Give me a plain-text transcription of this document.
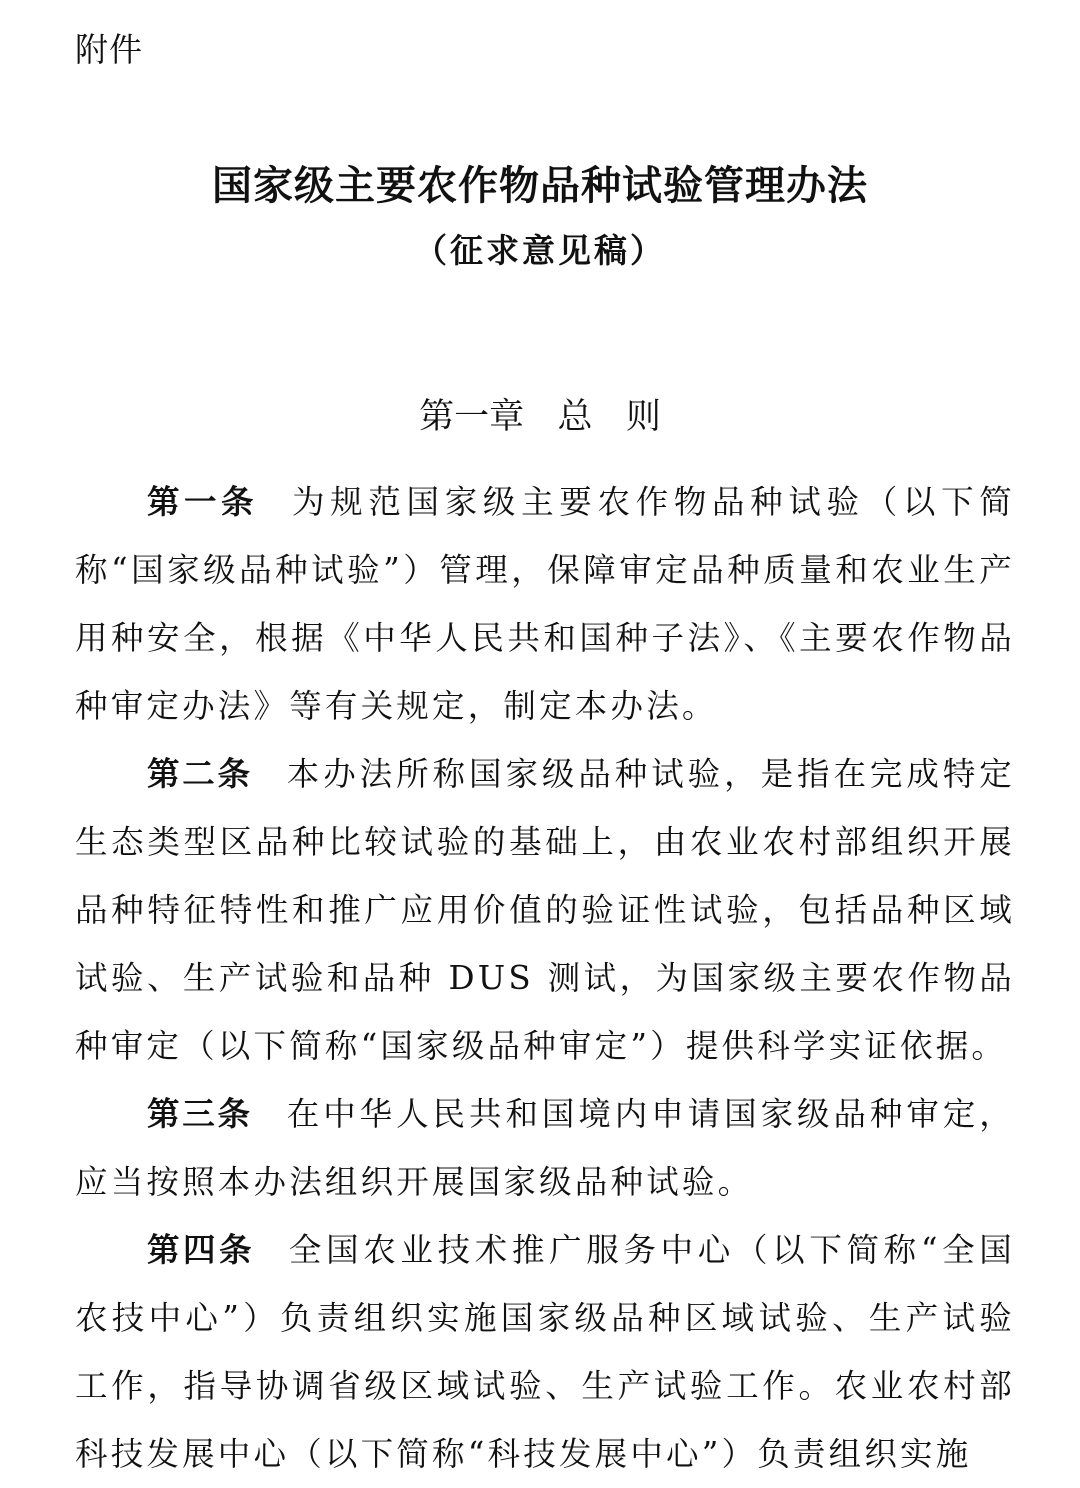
附件
国家级主要农作物品种试验管理办法
（征求意见稿）
第一章   总   则

第一条 为规范国家级主要农作物品种试验（以下简称“国家级品种试验”）管理，保障审定品种质量和农业生产用种安全，根据《中华人民共和国种子法》、《主要农作物品种审定办法》等有关规定，制定本办法。

第二条 本办法所称国家级品种试验，是指在完成特定生态类型区品种比较试验的基础上，由农业农村部组织开展品种特征特性和推广应用价值的验证性试验，包括品种区域试验、生产试验和品种 DUS 测试，为国家级主要农作物品种审定（以下简称“国家级品种审定”）提供科学实证依据。

第三条 在中华人民共和国境内申请国家级品种审定，应当按照本办法组织开展国家级品种试验。

第四条 全国农业技术推广服务中心（以下简称“全国农技中心”）负责组织实施国家级品种区域试验、生产试验工作，指导协调省级区域试验、生产试验工作。农业农村部科技发展中心（以下简称“科技发展中心”）负责组织实施
